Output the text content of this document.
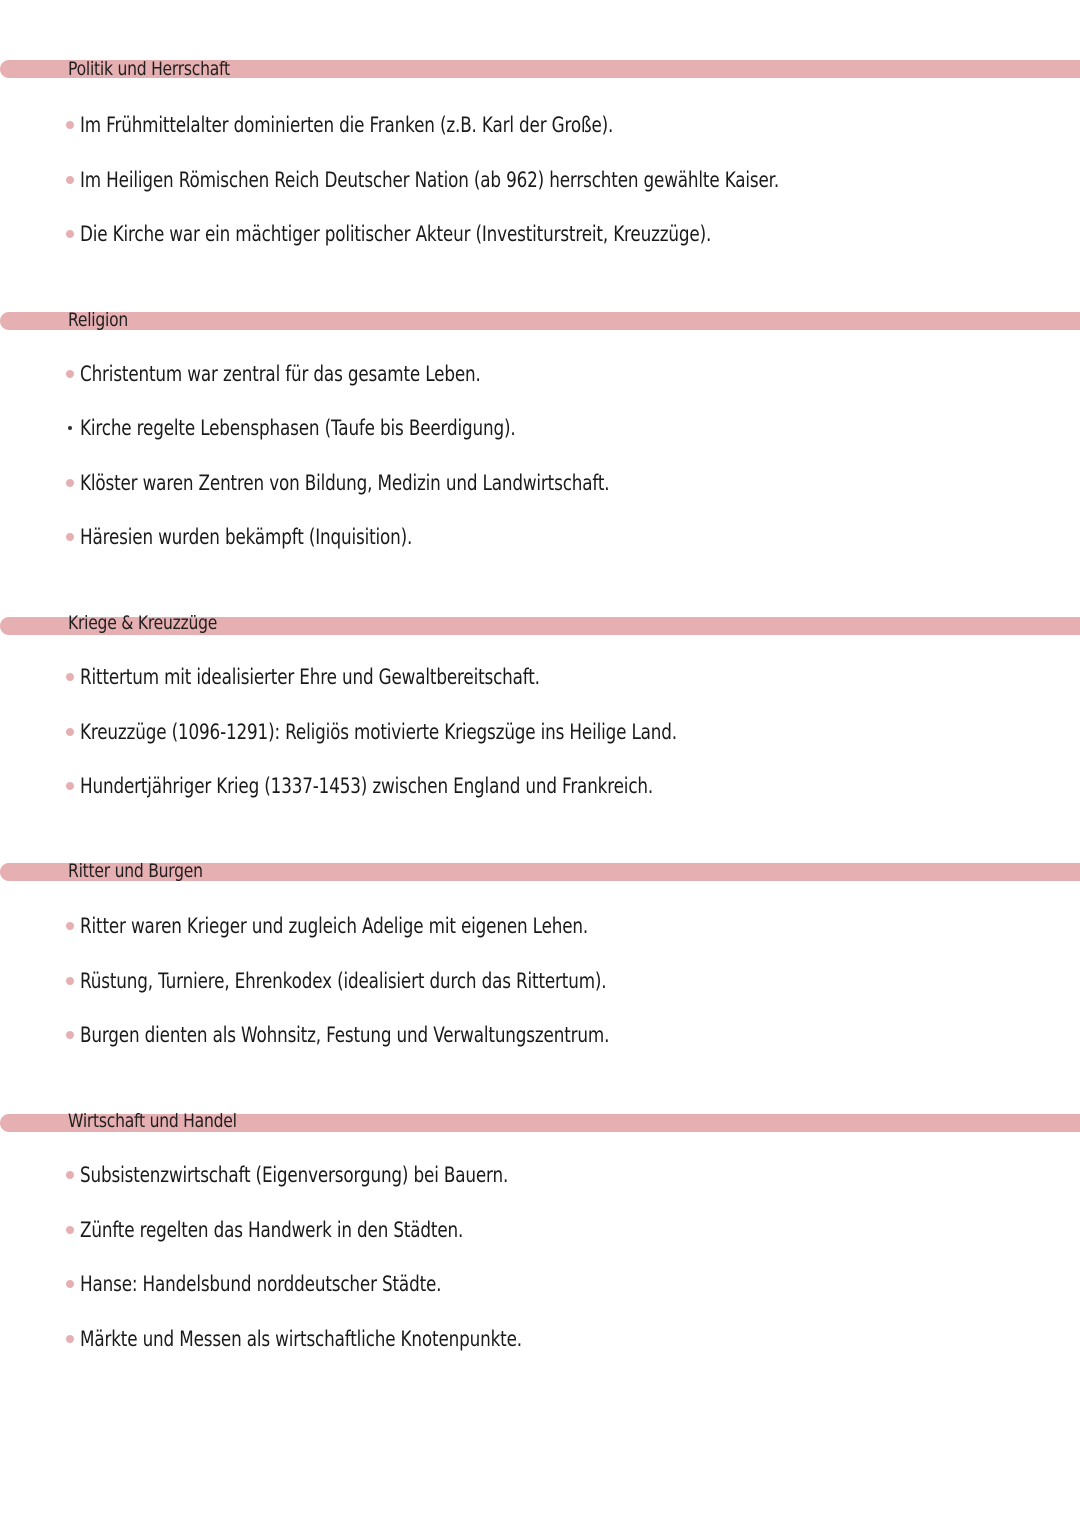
Politik und Herrschaft
Im Frühmittelalter dominierten die Franken (z.B. Karl der Große).
Im Heiligen Römischen Reich Deutscher Nation (ab 962) herrschten gewählte Kaiser.
Die Kirche war ein mächtiger politischer Akteur (Investiturstreit, Kreuzzüge).
Religion
Christentum war zentral für das gesamte Leben.
Kirche regelte Lebensphasen (Taufe bis Beerdigung).
Klöster waren Zentren von Bildung, Medizin und Landwirtschaft.
Häresien wurden bekämpft (Inquisition).
Kriege & Kreuzzüge
Rittertum mit idealisierter Ehre und Gewaltbereitschaft.
Kreuzzüge (1096-1291): Religiös motivierte Kriegszüge ins Heilige Land.
Hundertjähriger Krieg (1337-1453) zwischen England und Frankreich.
Ritter und Burgen
Ritter waren Krieger und zugleich Adelige mit eigenen Lehen.
Rüstung, Turniere, Ehrenkodex (idealisiert durch das Rittertum).
Burgen dienten als Wohnsitz, Festung und Verwaltungszentrum.
Wirtschaft und Handel
Subsistenzwirtschaft (Eigenversorgung) bei Bauern.
Zünfte regelten das Handwerk in den Städten.
Hanse: Handelsbund norddeutscher Städte.
Märkte und Messen als wirtschaftliche Knotenpunkte.
